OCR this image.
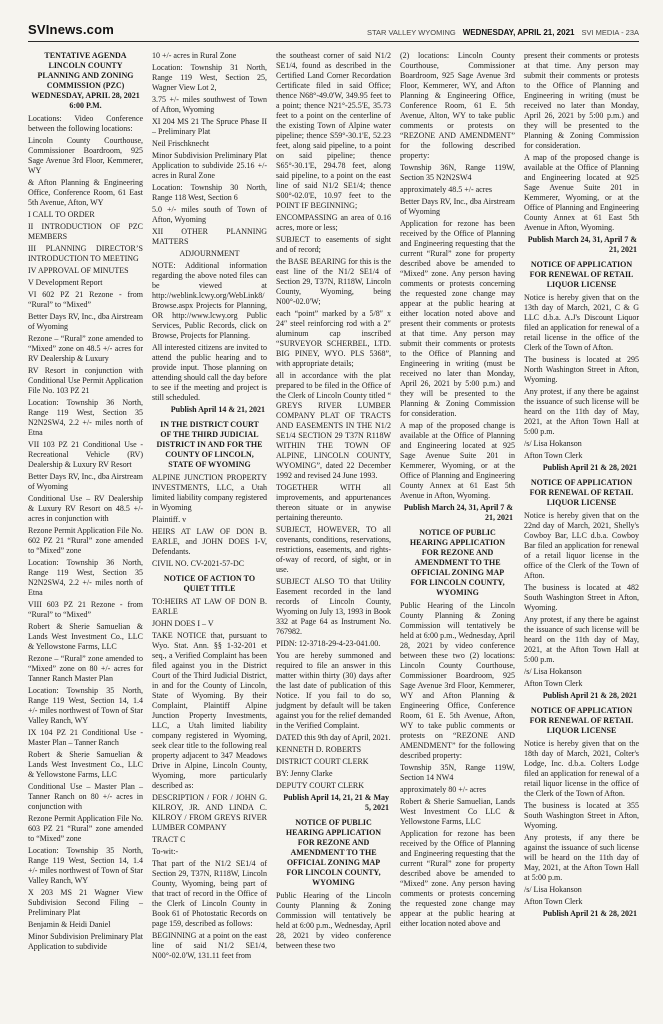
SVInews.com	STAR VALLEY WYOMING WEDNESDAY, APRIL 21, 2021 SVI MEDIA - 23A

TENTATIVE AGENDA LINCOLN COUNTY PLANNING AND ZONING COMMISSION (PZC) WEDNESDAY, APRIL 28, 2021 6:00 P.M.

Locations: Video Conference between the following locations:

Lincoln County Courthouse, Commissioner Boardroom, 925 Sage Avenue 3rd Floor, Kemmerer, WY

& Afton Planning & Engineering Office, Conference Room, 61 East 5th Avenue, Afton, WY

I CALL TO ORDER

II INTRODUCTION OF PZC MEMBERS

III PLANNING DIRECTOR’S INTRODUCTION TO MEETING

IV APPROVAL OF MINUTES

V Development Report

VI 602 PZ 21 Rezone - from “Rural” to “Mixed”

Better Days RV, Inc., dba Airstream of Wyoming

Rezone – “Rural” zone amended to “Mixed” zone on 48.5 +/- acres for RV Dealership & Luxury

RV Resort in conjunction with Conditional Use Permit Application File No. 103 PZ 21

Location: Township 36 North, Range 119 West, Section 35 N2N2SW4, 2.2 +/- miles north of Etna

VII 103 PZ 21 Conditional Use - Recreational Vehicle (RV) Dealership & Luxury RV Resort

Better Days RV, Inc., dba Airstream of Wyoming

Conditional Use – RV Dealership & Luxury RV Resort on 48.5 +/- acres in conjunction with

Rezone Permit Application File No. 602 PZ 21 “Rural” zone amended to “Mixed” zone

Location: Township 36 North, Range 119 West, Section 35 N2N2SW4, 2.2 +/- miles north of Etna

VIII 603 PZ 21 Rezone - from “Rural” to “Mixed”

Robert & Sherie Samuelian & Lands West Investment Co., LLC & Yellowstone Farms, LLC

Rezone – “Rural” zone amended to “Mixed” zone on 80 +/- acres for Tanner Ranch Master Plan

Location: Township 35 North, Range 119 West, Section 14, 1.4 +/- miles northwest of Town of Star Valley Ranch, WY

IX 104 PZ 21 Conditional Use - Master Plan – Tanner Ranch

Robert & Sherie Samuelian & Lands West Investment Co., LLC & Yellowstone Farms, LLC

Conditional Use – Master Plan – Tanner Ranch on 80 +/- acres in conjunction with

Rezone Permit Application File No. 603 PZ 21 “Rural” zone amended to “Mixed” zone

Location: Township 35 North, Range 119 West, Section 14, 1.4 +/- miles northwest of Town of Star Valley Ranch, WY

X 203 MS 21 Wagner View Subdivision Second Filing – Preliminary Plat

Benjamin & Heidi Daniel

Minor Subdivision Preliminary Plat Application to subdivide

10 +/- acres in Rural Zone

Location: Township 31 North, Range 119 West, Section 25, Wagner View Lot 2,

3.75 +/- miles southwest of Town of Afton, Wyoming

XI 204 MS 21 The Spruce Phase II – Preliminary Plat

Neil Frischknecht

Minor Subdivision Preliminary Plat Application to subdivide 25.16 +/- acres in Rural Zone

Location: Township 30 North, Range 118 West, Section 6

5.0 +/- miles south of Town of Afton, Wyoming

XII OTHER PLANNING MATTERS

ADJOURNMENT

NOTE: Additional information regarding the above noted files can be viewed at http://weblink.lcwy.org/WebLink8/Browse.aspx Projects for Planning, OR http://www.lcwy.org Public Services, Public Records, click on Browse, Projects for Planning.

All interested citizens are invited to attend the public hearing and to provide input. Those planning on attending should call the day before to see if the meeting and project is still scheduled.

Publish April 14 & 21, 2021

IN THE DISTRICT COURT OF THE THIRD JUDICIAL DISTRICT IN AND FOR THE COUNTY OF LINCOLN, STATE OF WYOMING

ALPINE JUNCTION PROPERTY INVESTMENTS, LLC, a Utah limited liability company registered in Wyoming

Plaintiff. v

HEIRS AT LAW OF DON B. EARLE, and JOHN DOES I-V, Defendants.

CIVIL NO. CV-2021-57-DC

NOTICE OF ACTION TO QUIET TITLE

TO:HEIRS AT LAW OF DON B. EARLE

JOHN DOES I – V

TAKE NOTICE that, pursuant to Wyo. Stat. Ann. §§ 1-32-201 et seq., a Verified Complaint has been filed against you in the District Court of the Third Judicial District, in and for the County of Lincoln, State of Wyoming. By their Complaint, Plaintiff Alpine Junction Property Investments, LLC, a Utah limited liability company registered in Wyoming, seek clear title to the following real property adjacent to 347 Meadows Drive in Alpine, Lincoln County, Wyoming, more particularly described as:

DESCRIPTION / FOR / JOHN G. KILROY, JR. AND LINDA C. KILROY / FROM GREYS RIVER LUMBER COMPANY

TRACT C

To-wit:-

That part of the N1/2 SE1/4 of Section 29, T37N, R118W, Lincoln County, Wyoming, being part of that tract of record in the Office of the Clerk of Lincoln County in Book 61 of Photostatic Records on page 159, described as follows:

BEGINNING at a point on the east line of said N1/2 SE1/4, N00°-02.0'W, 131.11 feet from

the southeast corner of said N1/2 SE1/4, found as described in the Certified Land Corner Recordation Certificate filed in said Office; thence N68°-49.0'W, 349.95 feet to a point; thence N21°-25.5'E, 35.73 feet to a point on the centerline of the existing Town of Alpine water pipeline; thence S59°-30.1'E, 52.23 feet, along said pipeline, to a point on said pipeline; thence S65°-30.1'E, 294.78 feet, along said pipeline, to a point on the east line of said N1/2 SE1/4; thence S00°-02.0'E, 10.97 feet to the POINT IF BEGINNING;

ENCOMPASSING an area of 0.16 acres, more or less;

SUBJECT to easements of sight and of record;

the BASE BEARING for this is the east line of the N1/2 SE1/4 of Section 29, T37N, R118W, Lincoln County, Wyoming, being N00°-02.0'W;

each “point” marked by a 5/8″ x 24″ steel reinforcing rod with a 2″ aluminum cap inscribed “SURVEYOR SCHERBEL, LTD. BIG PINEY, WYO. PLS 5368”, with appropriate details;

all in accordance with the plat prepared to be filed in the Office of the Clerk of Lincoln County titled “ GREYS RIVER LUMBER COMPANY PLAT OF TRACTS AND EASEMENTS IN THE N1/2 SE1/4 SECTION 29 T37N R118W WITHIN THE TOWN OF ALPINE, LINCOLN COUNTY, WYOMING”, dated 22 December 1992 and revised 24 June 1993.

TOGETHER WITH all improvements, and appurtenances thereon situate or in anywise pertaining thereunto.

SUBJECT, HOWEVER, TO all covenants, conditions, reservations, restrictions, easements, and rights-of-way of record, of sight, or in use.

SUBJECT ALSO TO that Utility Easement recorded in the land records of Lincoln County, Wyoming on July 13, 1993 in Book 332 at Page 64 as Instrument No. 767982.

PIDN: 12-3718-29-4-23-041.00.

You are hereby summoned and required to file an answer in this matter within thirty (30) days after the last date of publication of this Notice. If you fail to do so, judgment by default will be taken against you for the relief demanded in the Verified Complaint.

DATED this 9th day of April, 2021.

KENNETH D. ROBERTS

DISTRICT COURT CLERK

BY: Jenny Clarke

DEPUTY COURT CLERK

Publish April 14, 21, 21 & May 5, 2021

NOTICE OF PUBLIC HEARING APPLICATION FOR REZONE AND AMENDMENT TO THE OFFICIAL ZONING MAP FOR LINCOLN COUNTY, WYOMING

Public Hearing of the Lincoln County Planning & Zoning Commission will tentatively be held at 6:00 p.m., Wednesday, April 28, 2021 by video conference between these two

(2) locations: Lincoln County Courthouse, Commissioner Boardroom, 925 Sage Avenue 3rd Floor, Kemmerer, WY, and Afton Planning & Engineering Office, Conference Room, 61 E. 5th Avenue, Alton, WY to take public comments or protests on “REZONE AND AMENDMENT” for the following described property:

Township 36N, Range 119W, Section 35 N2N2SW4

approximately 48.5 +/- acres

Better Days RV, Inc., dba Airstream of Wyoming

Application for rezone has been received by the Office of Planning and Engineering requesting that the current “Rural” zone for property described above be amended to “Mixed” zone. Any person having comments or protests concerning the requested zone change may appear at the public hearing at either location noted above and present their comments or protests at that time. Any person may submit their comments or protests to the Office of Planning and Engineering in writing (must be received no later than Monday, April 26, 2021 by 5:00 p.m.) and they will be presented to the Planning & Zoning Commission for consideration.

A map of the proposed change is available at the Office of Planning and Engineering located at 925 Sage Avenue Suite 201 in Kemmerer, Wyoming, or at the Office of Planning and Engineering County Annex at 61 East 5th Avenue in Afton, Wyoming.

Publish March 24, 31, April 7 & 21, 2021

NOTICE OF PUBLIC HEARING APPLICATION FOR REZONE AND AMENDMENT TO THE OFFICIAL ZONING MAP FOR LINCOLN COUNTY, WYOMING

Public Hearing of the Lincoln County Planning & Zoning Commission will tentatively be held at 6:00 p.m., Wednesday, April 28, 2021 by video conference between these two (2) locations: Lincoln County Courthouse, Commissioner Boardroom, 925 Sage Avenue 3rd Floor, Kemmerer, WY and Afton Planning & Engineering Office, Conference Room, 61 E. 5th Avenue, Afton, WY to take public comments or protests on “REZONE AND AMENDMENT” for the following described property:

Township 35N, Range 119W, Section 14 NW4

approximately 80 +/- acres

Robert & Sherie Samuelian, Lands West Investment Co LLC & Yellowstone Farms, LLC

Application for rezone has been received by the Office of Planning and Engineering requesting that the current “Rural” zone for property described above be amended to “Mixed” zone. Any person having comments or protests concerning the requested zone change may appear at the public hearing at either location noted above and

present their comments or protests at that time. Any person may submit their comments or protests to the Office of Planning and Engineering in writing (must be received no later than Monday, April 26, 2021 by 5:00 p.m.) and they will be presented to the Planning & Zoning Commission for consideration.

A map of the proposed change is available at the Office of Planning and Engineering located at 925 Sage Avenue Suite 201 in Kemmerer, Wyoming, or at the Office of Planning and Engineering County Annex at 61 East 5th Avenue in Afton, Wyoming.

Publish March 24, 31, April 7 & 21, 2021

NOTICE OF APPLICATION FOR RENEWAL OF RETAIL LIQUOR LICENSE

Notice is hereby given that on the 13th day of March, 2021, C & G LLC d.b.a. A.J's Discount Liquor filed an application for renewal of a retail license in the office of the Clerk of the Town of Afton.

The business is located at 295 North Washington Street in Afton, Wyoming.

Any protest, if any there be against the issuance of such license will be heard on the 11th day of May, 2021, at the Afton Town Hall at 5:00 p.m.

/s/ Lisa Hokanson

Afton Town Clerk

Publish April 21 & 28, 2021

NOTICE OF APPLICATION FOR RENEWAL OF RETAIL LIQUOR LICENSE

Notice is hereby given that on the 22nd day of March, 2021, Shelly's Cowboy Bar, LLC d.b.a. Cowboy Bar filed an application for renewal of a retail liquor license in the office of the Clerk of the Town of Afton.

The business is located at 482 South Washington Street in Afton, Wyoming.

Any protest, if any there be against the issuance of such license will be heard on the 11th day of May, 2021, at the Afton Town Hall at 5:00 p.m.

/s/ Lisa Hokanson

Afton Town Clerk

Publish April 21 & 28, 2021

NOTICE OF APPLICATION FOR RENEWAL OF RETAIL LIQUOR LICENSE

Notice is hereby given that on the 18th day of March, 2021, Colter's Lodge, Inc. d.b.a. Colters Lodge filed an application for renewal of a retail liquor license in the office of the Clerk of the Town of Afton.

The business is located at 355 South Washington Street in Afton, Wyoming.

Any protests, if any there be against the issuance of such license will be heard on the 11th day of May, 2021, at the Afton Town Hall at 5:00 p.m.

/s/ Lisa Hokanson

Afton Town Clerk

Publish April 21 & 28, 2021
